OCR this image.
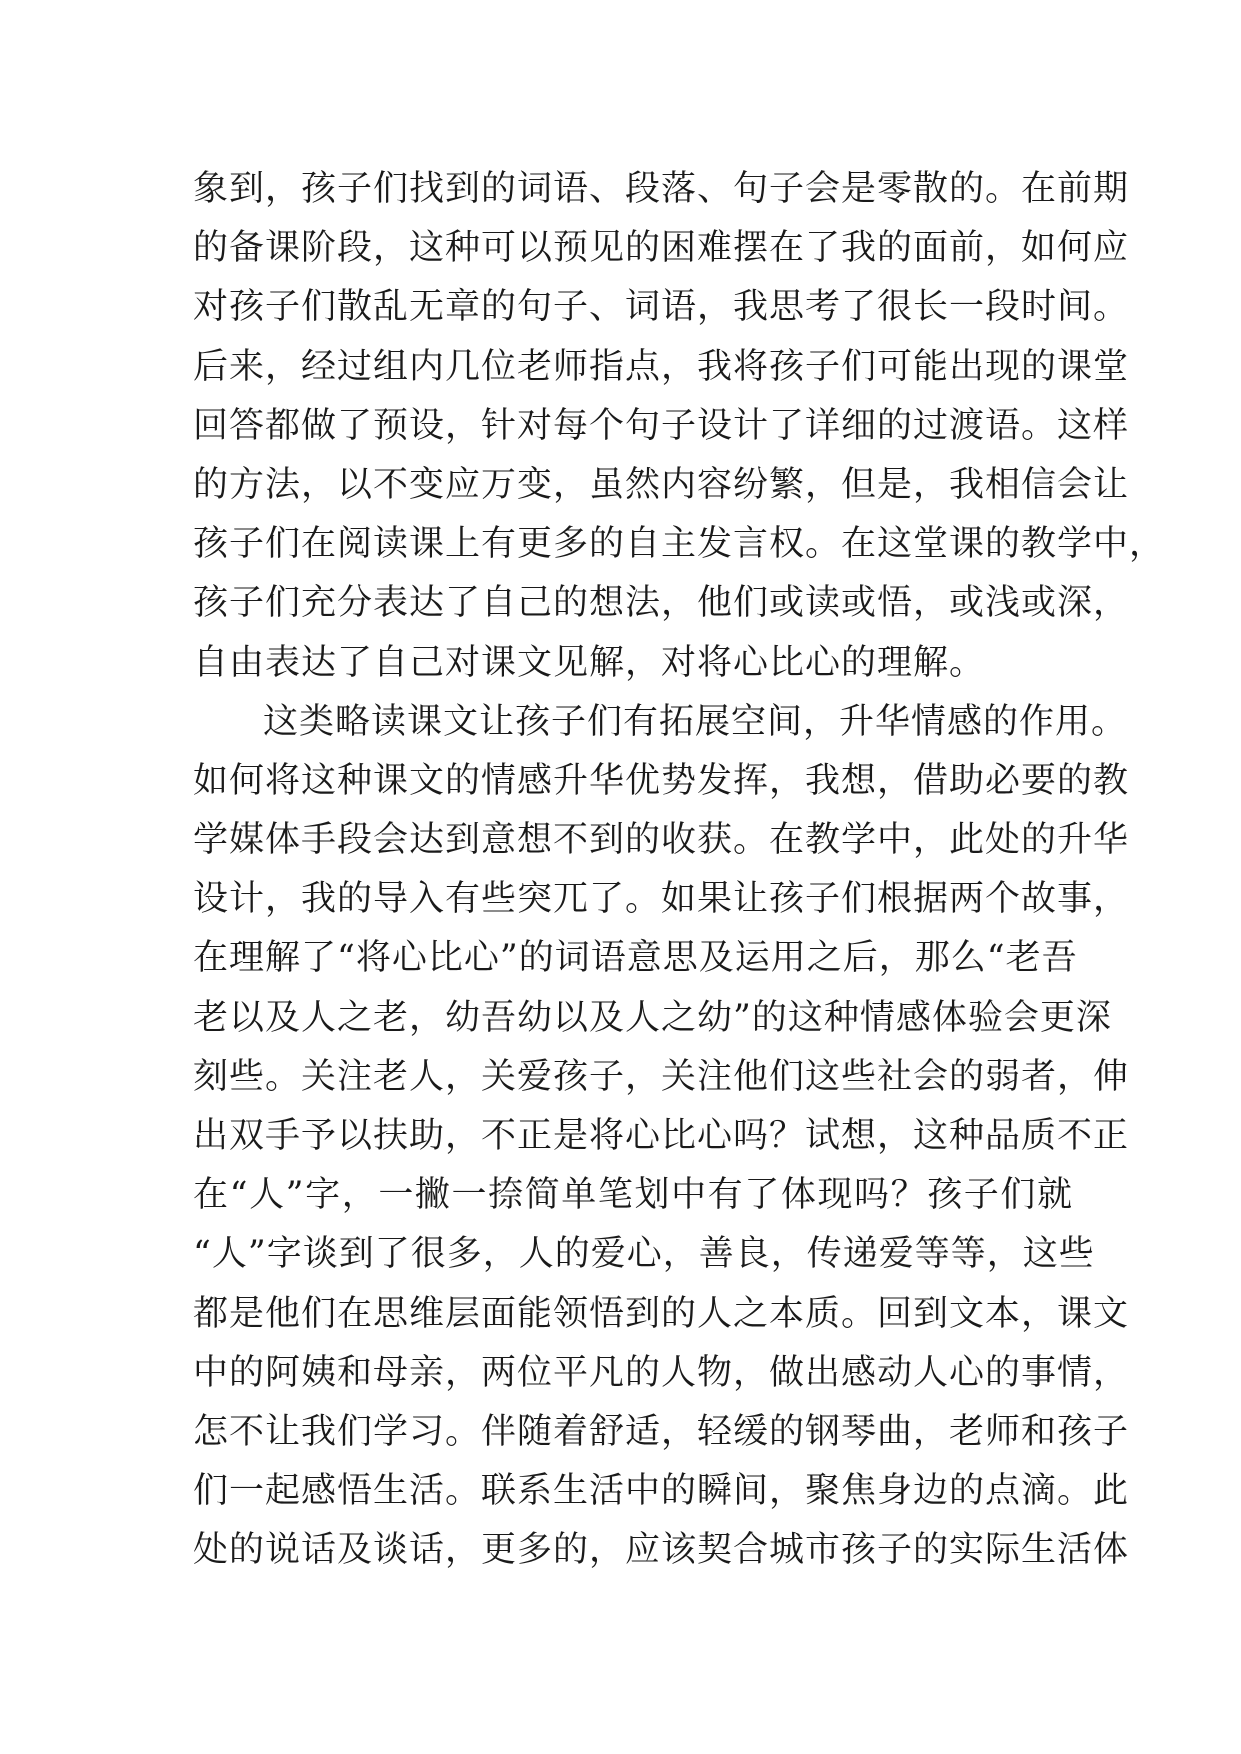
象到，孩子们找到的词语、段落、句子会是零散的。在前期
的备课阶段，这种可以预见的困难摆在了我的面前，如何应
对孩子们散乱无章的句子、词语，我思考了很长一段时间。
后来，经过组内几位老师指点，我将孩子们可能出现的课堂
回答都做了预设，针对每个句子设计了详细的过渡语。这样
的方法，以不变应万变，虽然内容纷繁，但是，我相信会让
孩子们在阅读课上有更多的自主发言权。在这堂课的教学中，
孩子们充分表达了自己的想法，他们或读或悟，或浅或深，
自由表达了自己对课文见解，对将心比心的理解。
这类略读课文让孩子们有拓展空间，升华情感的作用。
如何将这种课文的情感升华优势发挥，我想，借助必要的教
学媒体手段会达到意想不到的收获。在教学中，此处的升华
设计，我的导入有些突兀了。如果让孩子们根据两个故事，
在理解了“将心比心”的词语意思及运用之后，那么“老吾
老以及人之老，幼吾幼以及人之幼”的这种情感体验会更深
刻些。关注老人，关爱孩子，关注他们这些社会的弱者，伸
出双手予以扶助，不正是将心比心吗？试想，这种品质不正
在“人”字，一撇一捺简单笔划中有了体现吗？孩子们就
“人”字谈到了很多，人的爱心，善良，传递爱等等，这些
都是他们在思维层面能领悟到的人之本质。回到文本，课文
中的阿姨和母亲，两位平凡的人物，做出感动人心的事情，
怎不让我们学习。伴随着舒适，轻缓的钢琴曲，老师和孩子
们一起感悟生活。联系生活中的瞬间，聚焦身边的点滴。此
处的说话及谈话，更多的，应该契合城市孩子的实际生活体
